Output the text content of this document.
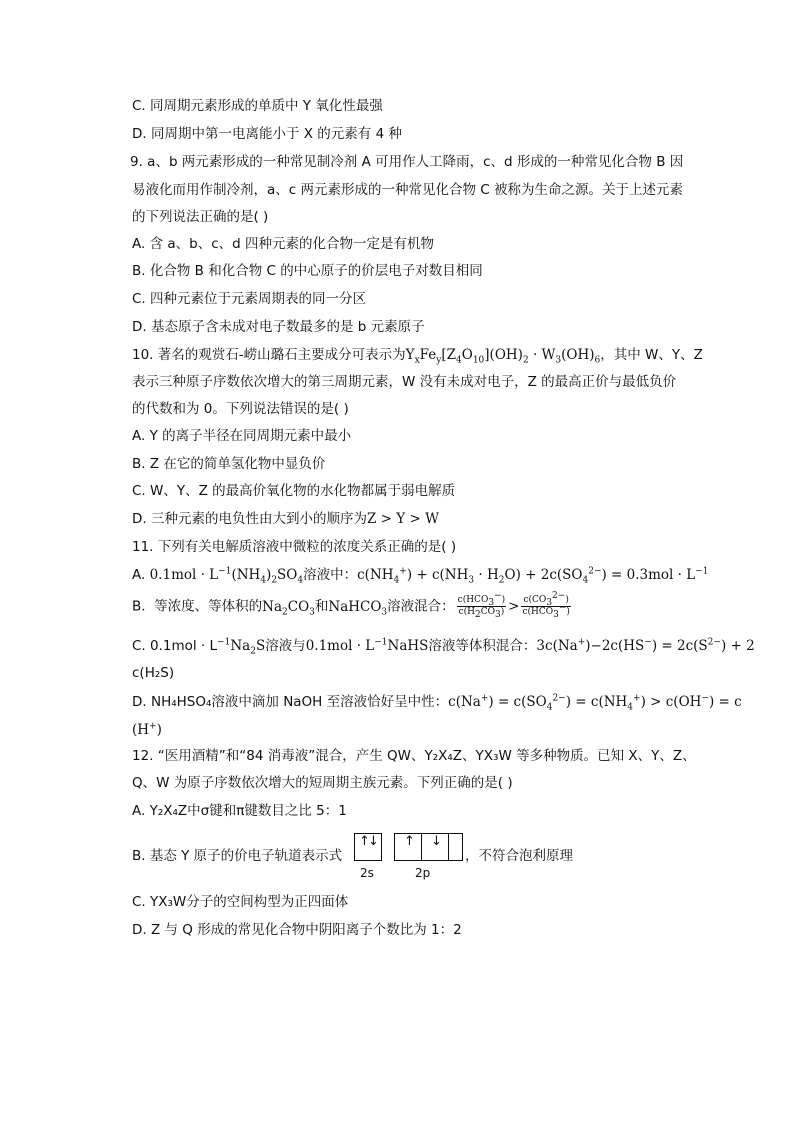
C. 同周期元素形成的单质中 Y 氧化性最强
D. 同周期中第一电离能小于 X 的元素有 4 种
9. a、b 两元素形成的一种常见制冷剂 A 可用作人工降雨，c、d 形成的一种常见化合物 B 因
易液化而用作制冷剂，a、c 两元素形成的一种常见化合物 C 被称为生命之源。关于上述元素
的下列说法正确的是( )
A. 含 a、b、c、d 四种元素的化合物一定是有机物
B. 化合物 B 和化合物 C 的中心原子的价层电子对数目相同
C. 四种元素位于元素周期表的同一分区
D. 基态原子含未成对电子数最多的是 b 元素原子
10. 著名的观赏石-崂山璐石主要成分可表示为$Y_xFe_y[Z_4O_{10}](OH)_2 \cdot W_3(OH)_6$，其中 W、Y、Z
表示三种原子序数依次增大的第三周期元素，W 没有未成对电子，Z 的最高正价与最低负价
的代数和为 0。下列说法错误的是( )
A. Y 的离子半径在同周期元素中最小
B. Z 在它的简单氢化物中显负价
C. W、Y、Z 的最高价氧化物的水化物都属于弱电解质
D. 三种元素的电负性由大到小的顺序为Z > Y > W
11. 下列有关电解质溶液中微粒的浓度关系正确的是( )
A. $0.1mol \cdot L^{-1}(NH_4)_2SO_4$溶液中：$c(NH_4^+) + c(NH_3 \cdot H_2O) + 2c(SO_4^{2-}) = 0.3mol \cdot L^{-1}$
B.  等浓度、等体积的$Na_2CO_3$和NaHCO$_3$溶液混合： $\frac{c(HCO_3^-)}{c(H_2CO_3)} > \frac{c(CO_3^{2-})}{c(HCO_3^-)}$
C. $0.1mol \cdot L^{-1}Na_2S$溶液与$0.1mol \cdot L^{-1}NaHS$溶液等体积混合：$3c(Na^+)-2c(HS^-) = 2c(S^{2-}) + 2$
c(H₂S)
D. NH₄HSO₄溶液中滴加 NaOH 至溶液恰好呈中性：$c(Na^+) = c(SO_4^{2-}) = c(NH_4^+) > c(OH^-) = c$
(H+)
12. “医用酒精”和“84 消毒液”混合，产生 QW、Y₂X₄Z、YX₃W 等多种物质。已知 X、Y、Z、
Q、W 为原子序数依次增大的短周期主族元素。下列正确的是( )
A. Y₂X₄Z中σ键和π键数目之比 5：1
B. 基态 Y 原子的价电子轨道表示式
↑
↓ ↑ ↓
2s	2p
，不符合泡利原理
C. YX₃W分子的空间构型为正四面体
D. Z 与 Q 形成的常见化合物中阴阳离子个数比为 1：2
